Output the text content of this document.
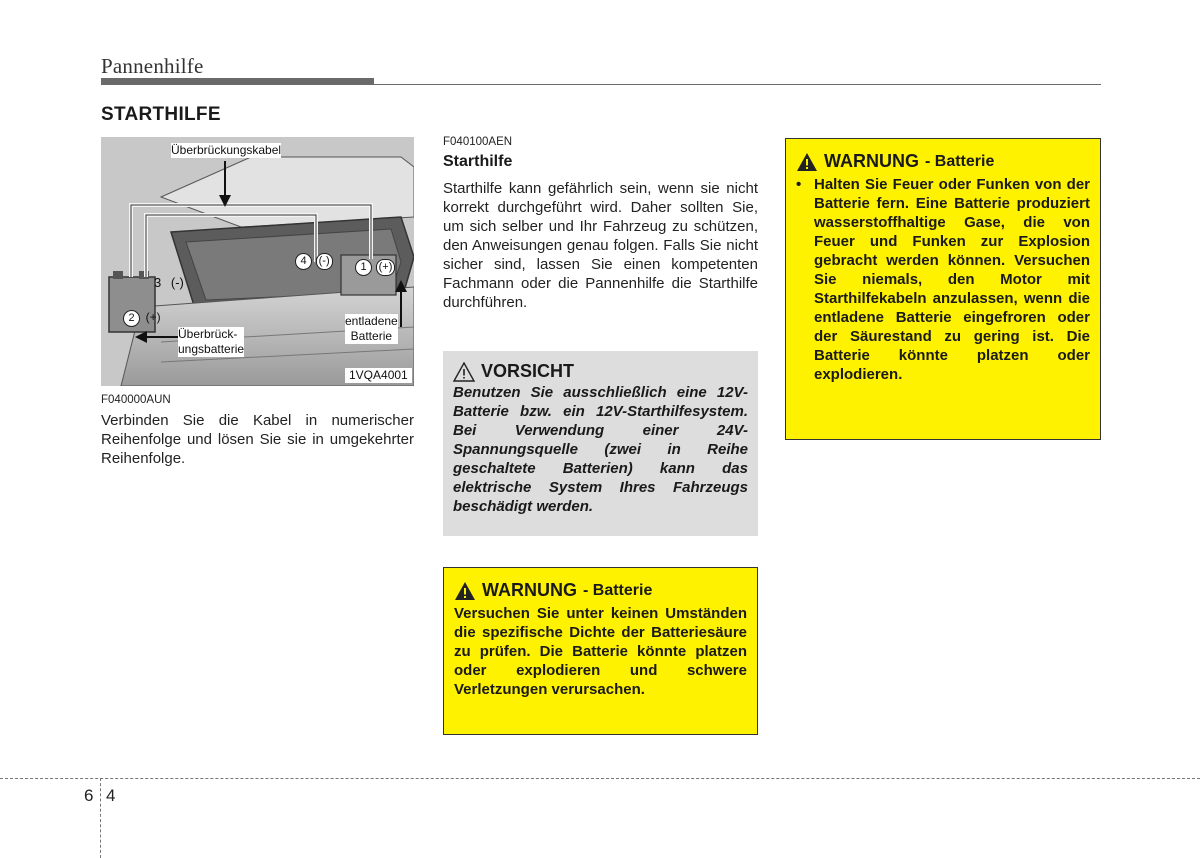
Pannenhilfe
STARTHILFE
Überbrückungskabel
Überbrück-
ungsbatterie
entladene
Batterie
1VQA4001
4 (-)	1 (+)
3 (-)
2 (+)
F040000AUN
Verbinden Sie die Kabel in numerischer Reihenfolge und lösen Sie sie in umgekehrter Reihenfolge.
F040100AEN
Starthilfe
Starthilfe kann gefährlich sein, wenn sie nicht korrekt durchgeführt wird. Daher sollten Sie, um sich selber und Ihr Fahrzeug zu schützen, den Anweisungen genau folgen. Falls Sie nicht sicher sind, lassen Sie einen kompetenten Fachmann oder die Pannenhilfe die Starthilfe durchführen.
VORSICHT
Benutzen Sie ausschließlich eine 12V-Batterie bzw. ein 12V-Starthilfesystem. Bei Verwendung einer 24V-Spannungsquelle (zwei in Reihe geschaltete Batterien) kann das elektrische System Ihres Fahrzeugs beschädigt werden.
WARNUNG - Batterie
Versuchen Sie unter keinen Umständen die spezifische Dichte der Batteriesäure zu prüfen. Die Batterie könnte platzen oder explodieren und schwere Verletzungen verursachen.
WARNUNG - Batterie
• Halten Sie Feuer oder Funken von der Batterie fern. Eine Batterie produziert wasserstoffhaltige Gase, die von Feuer und Funken zur Explosion gebracht werden können. Versuchen Sie niemals, den Motor mit Starthilfekabeln anzulassen, wenn die entladene Batterie eingefroren oder der Säurestand zu gering ist. Die Batterie könnte platzen oder explodieren.
6 4
